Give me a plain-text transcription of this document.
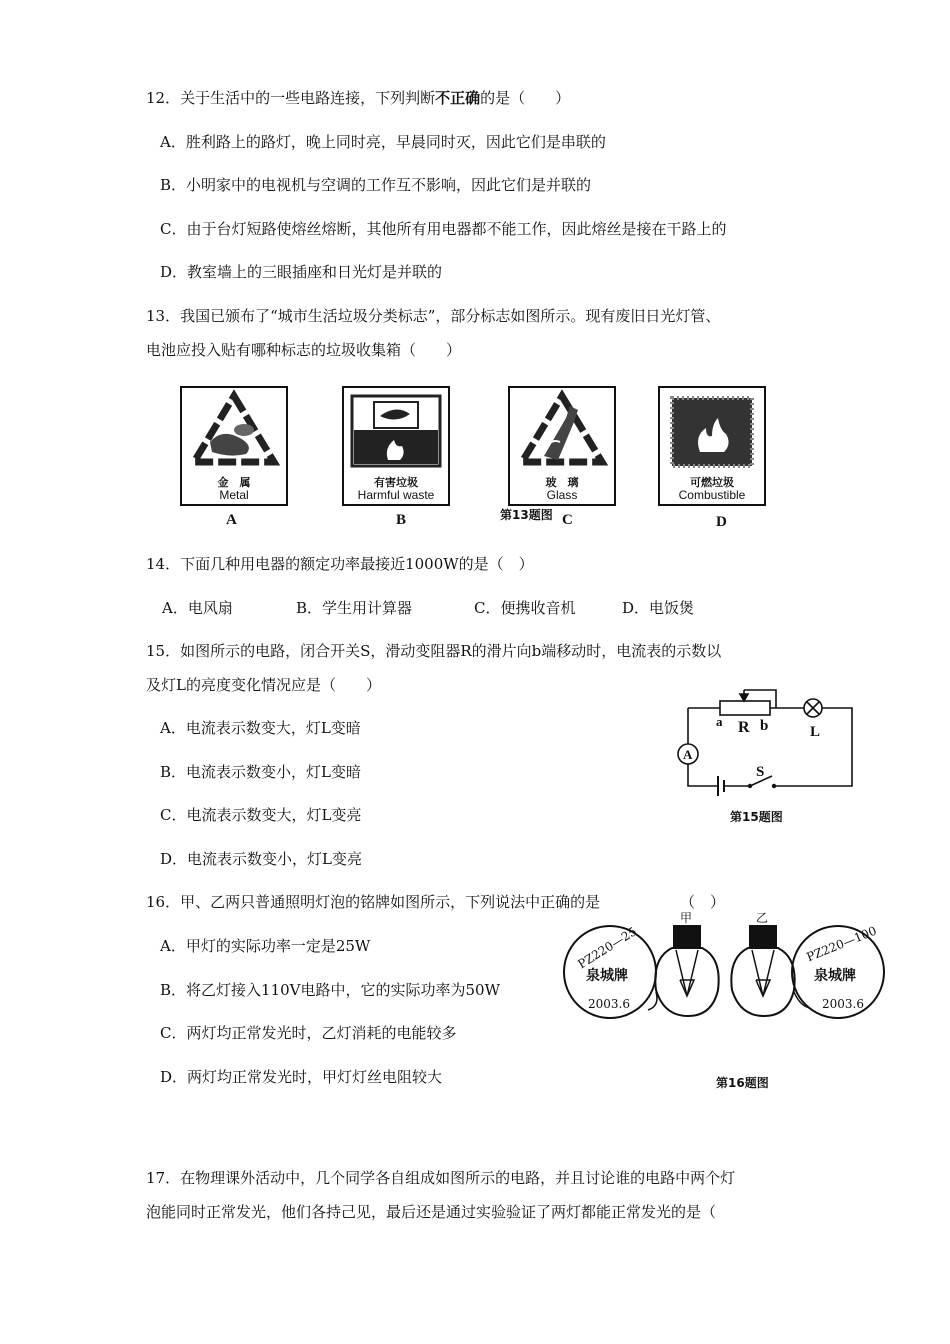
12．关于生活中的一些电路连接，下列判断不正确的是（　　）
A．胜利路上的路灯，晚上同时亮，早晨同时灭，因此它们是串联的
B．小明家中的电视机与空调的工作互不影响，因此它们是并联的
C．由于台灯短路使熔丝熔断，其他所有用电器都不能工作，因此熔丝是接在干路上的
D．教室墙上的三眼插座和日光灯是并联的
13．我国已颁布了“城市生活垃圾分类标志”，部分标志如图所示。现有废旧日光灯管、
电池应投入贴有哪种标志的垃圾收集箱（　　）
金　属
Metal
A
有害垃圾
Harmful waste
B
玻　璃
Glass
C
第13题图
可燃垃圾
Combustible
D
14．下面几种用电器的额定功率最接近1000W的是（　）
A．电风扇	B．学生用计算器	C．便携收音机	D．电饭煲
15．如图所示的电路，闭合开关S，滑动变阻器R的滑片向b端移动时，电流表的示数以
及灯L的亮度变化情况应是（　　）
A．电流表示数变大，灯L变暗
B．电流表示数变小，灯L变暗
C．电流表示数变大，灯L变亮
D．电流表示数变小，灯L变亮
a R b	L
A
S
第15题图
16．甲、乙两只普通照明灯泡的铭牌如图所示，下列说法中正确的是	（　）
A．甲灯的实际功率一定是25W
B．将乙灯接入110V电路中，它的实际功率为50W
C．两灯均正常发光时，乙灯消耗的电能较多
D．两灯均正常发光时，甲灯灯丝电阻较大
甲	乙
PZ220—25
泉城牌
2003.6
PZ220—100
泉城牌
2003.6
第16题图
17．在物理课外活动中，几个同学各自组成如图所示的电路，并且讨论谁的电路中两个灯
泡能同时正常发光，他们各持己见，最后还是通过实验验证了两灯都能正常发光的是（
